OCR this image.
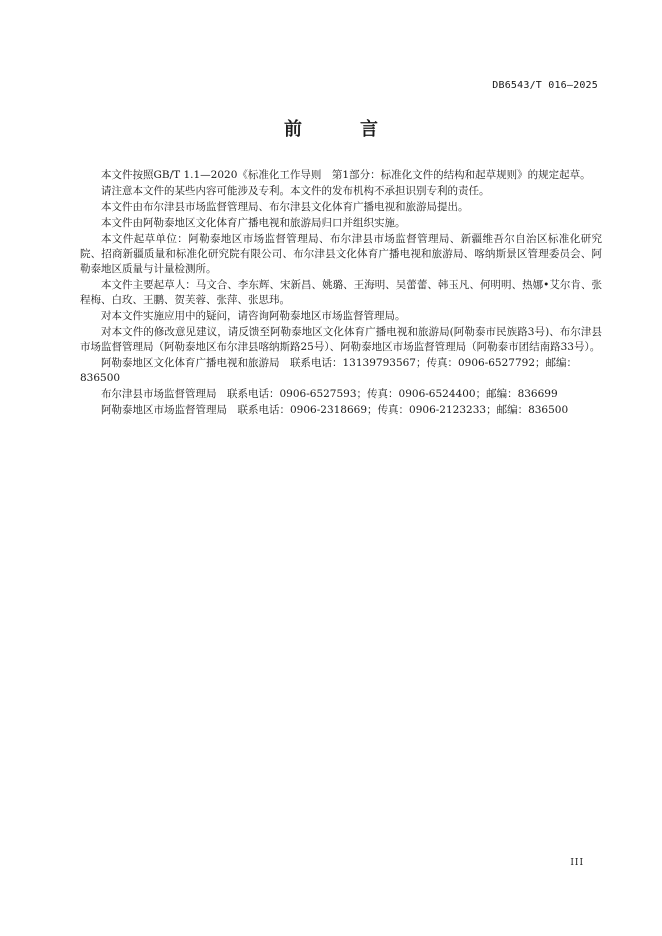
DB6543/T 016—2025
前　言

本文件按照GB/T 1.1—2020《标准化工作导则　第1部分：标准化文件的结构和起草规则》的规定起草。

请注意本文件的某些内容可能涉及专利。本文件的发布机构不承担识别专利的责任。

本文件由布尔津县市场监督管理局、布尔津县文化体育广播电视和旅游局提出。

本文件由阿勒泰地区文化体育广播电视和旅游局归口并组织实施。

本文件起草单位：阿勒泰地区市场监督管理局、布尔津县市场监督管理局、新疆维吾尔自治区标准化研究院、招商新疆质量和标准化研究院有限公司、布尔津县文化体育广播电视和旅游局、喀纳斯景区管理委员会、阿勒泰地区质量与计量检测所。

本文件主要起草人：马文合、李东辉、宋新昌、姚璐、王海明、吴蕾蕾、韩玉凡、何明明、热娜•艾尔肯、张程梅、白玫、王鹏、贺芙蓉、张萍、张思玮。

对本文件实施应用中的疑问，请咨询阿勒泰地区市场监督管理局。

对本文件的修改意见建议，请反馈至阿勒泰地区文化体育广播电视和旅游局(阿勒泰市民族路3号)、布尔津县市场监督管理局（阿勒泰地区布尔津县喀纳斯路25号）、阿勒泰地区市场监督管理局（阿勒泰市团结南路33号）。

阿勒泰地区文化体育广播电视和旅游局　联系电话：13139793567；传真：0906-6527792；邮编：836500

布尔津县市场监督管理局　联系电话：0906-6527593；传真：0906-6524400；邮编：836699

阿勒泰地区市场监督管理局　联系电话：0906-2318669；传真：0906-2123233；邮编：836500

III
